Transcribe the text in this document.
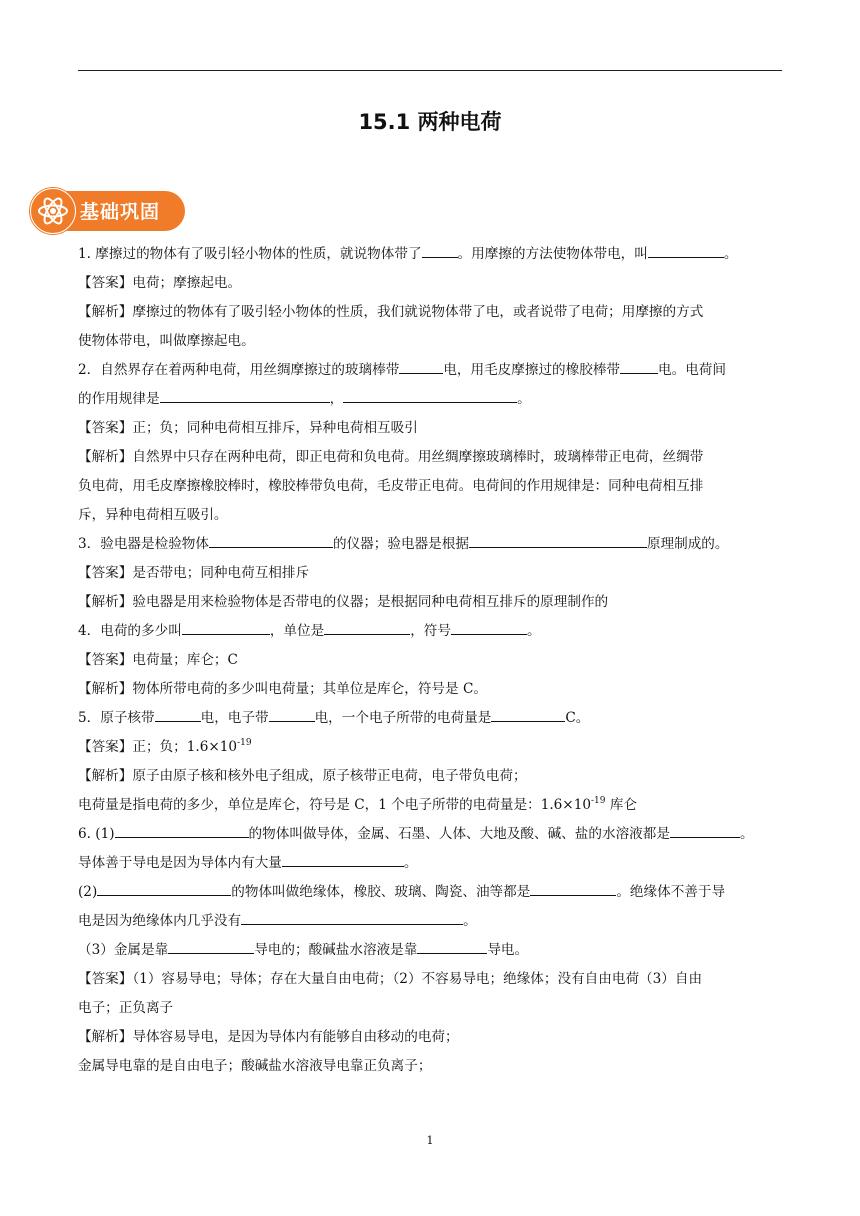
15.1 两种电荷
基础巩固
1. 摩擦过的物体有了吸引轻小物体的性质，就说物体带了	。用摩擦的方法使物体带电，叫	。
【答案】电荷；摩擦起电。
【解析】摩擦过的物体有了吸引轻小物体的性质，我们就说物体带了电，或者说带了电荷；用摩擦的方式
使物体带电，叫做摩擦起电。
2．自然界存在着两种电荷，用丝绸摩擦过的玻璃棒带	电，用毛皮摩擦过的橡胶棒带	电。电荷间
的作用规律是	，	。
【答案】正；负；同种电荷相互排斥，异种电荷相互吸引
【解析】自然界中只存在两种电荷，即正电荷和负电荷。用丝绸摩擦玻璃棒时，玻璃棒带正电荷，丝绸带
负电荷，用毛皮摩擦橡胶棒时，橡胶棒带负电荷，毛皮带正电荷。电荷间的作用规律是：同种电荷相互排
斥，异种电荷相互吸引。
3．验电器是检验物体	的仪器；验电器是根据	原理制成的。
【答案】是否带电；同种电荷互相排斥
【解析】验电器是用来检验物体是否带电的仪器；是根据同种电荷相互排斥的原理制作的
4．电荷的多少叫	，单位是	，符号	。
【答案】电荷量；库仑；C
【解析】物体所带电荷的多少叫电荷量；其单位是库仑，符号是 C。
5．原子核带	电，电子带	电，一个电子所带的电荷量是	C。
【答案】正；负；$1.6\times 10^{-19}$
【解析】原子由原子核和核外电子组成，原子核带正电荷，电子带负电荷；
电荷量是指电荷的多少，单位是库仑，符号是 C，1 个电子所带的电荷量是：$1.6\times 10^{-19}$ 库仑
6. (1)	的物体叫做导体，金属、石墨、人体、大地及酸、碱、盐的水溶液都是	。
导体善于导电是因为导体内有大量	。
(2)	的物体叫做绝缘体，橡胶、玻璃、陶瓷、油等都是	。绝缘体不善于导
电是因为绝缘体内几乎没有	。
（3）金属是靠	导电的；酸碱盐水溶液是靠	导电。
【答案】（1）容易导电；导体；存在大量自由电荷；（2）不容易导电；绝缘体；没有自由电荷（3）自由
电子；正负离子
【解析】导体容易导电，是因为导体内有能够自由移动的电荷；
金属导电靠的是自由电子；酸碱盐水溶液导电靠正负离子；
1
